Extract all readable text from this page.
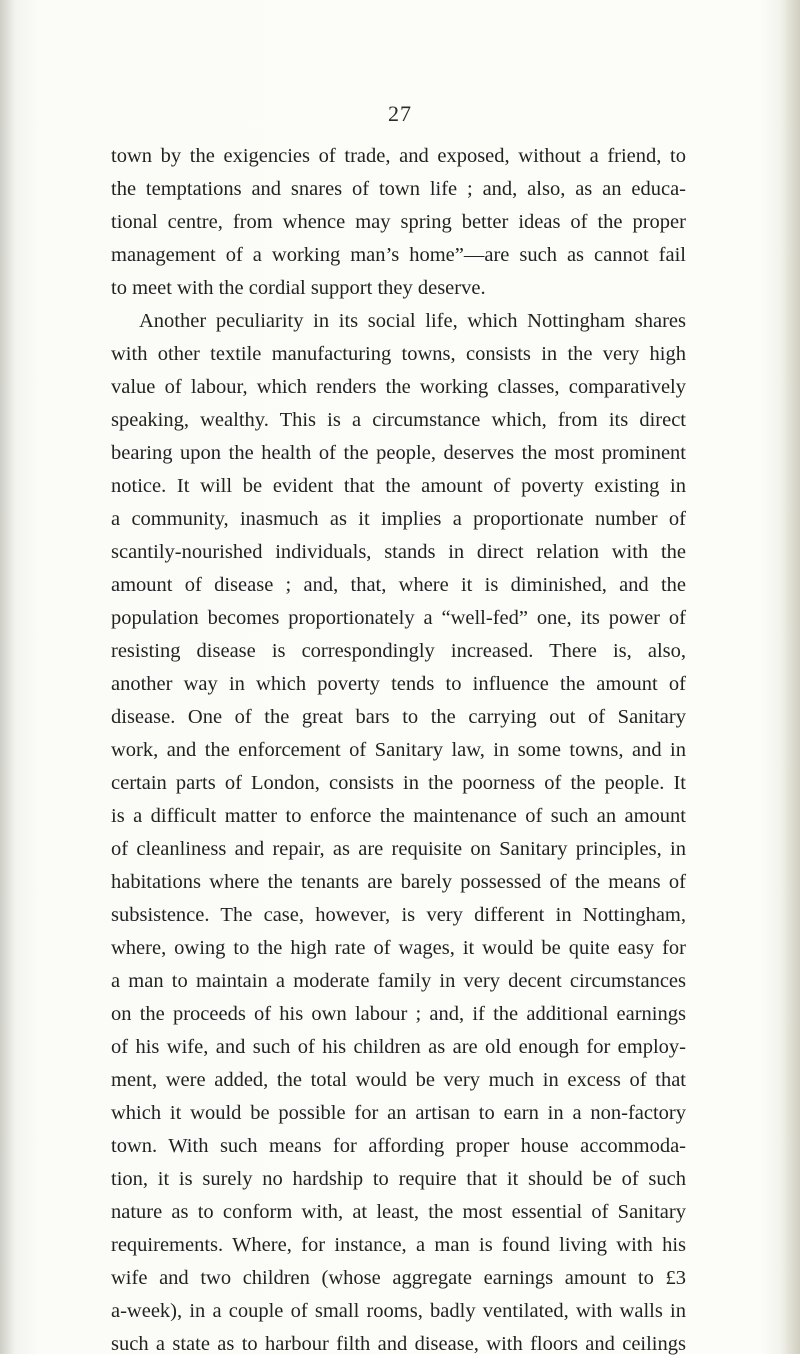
27
town by the exigencies of trade, and exposed, without a friend, to
the temptations and snares of town life ; and, also, as an educa-
tional centre, from whence may spring better ideas of the proper
management of a working man’s home”—are such as cannot fail
to meet with the cordial support they deserve.
Another peculiarity in its social life, which Nottingham shares
with other textile manufacturing towns, consists in the very high
value of labour, which renders the working classes, comparatively
speaking, wealthy. This is a circumstance which, from its direct
bearing upon the health of the people, deserves the most prominent
notice. It will be evident that the amount of poverty existing in
a community, inasmuch as it implies a proportionate number of
scantily-nourished individuals, stands in direct relation with the
amount of disease ; and, that, where it is diminished, and the
population becomes proportionately a “well-fed” one, its power of
resisting disease is correspondingly increased. There is, also,
another way in which poverty tends to influence the amount of
disease. One of the great bars to the carrying out of Sanitary
work, and the enforcement of Sanitary law, in some towns, and in
certain parts of London, consists in the poorness of the people. It
is a difficult matter to enforce the maintenance of such an amount
of cleanliness and repair, as are requisite on Sanitary principles, in
habitations where the tenants are barely possessed of the means of
subsistence. The case, however, is very different in Nottingham,
where, owing to the high rate of wages, it would be quite easy for
a man to maintain a moderate family in very decent circumstances
on the proceeds of his own labour ; and, if the additional earnings
of his wife, and such of his children as are old enough for employ-
ment, were added, the total would be very much in excess of that
which it would be possible for an artisan to earn in a non-factory
town. With such means for affording proper house accommoda-
tion, it is surely no hardship to require that it should be of such
nature as to conform with, at least, the most essential of Sanitary
requirements. Where, for instance, a man is found living with his
wife and two children (whose aggregate earnings amount to £3
a-week), in a couple of small rooms, badly ventilated, with walls in
such a state as to harbour filth and disease, with floors and ceilings
